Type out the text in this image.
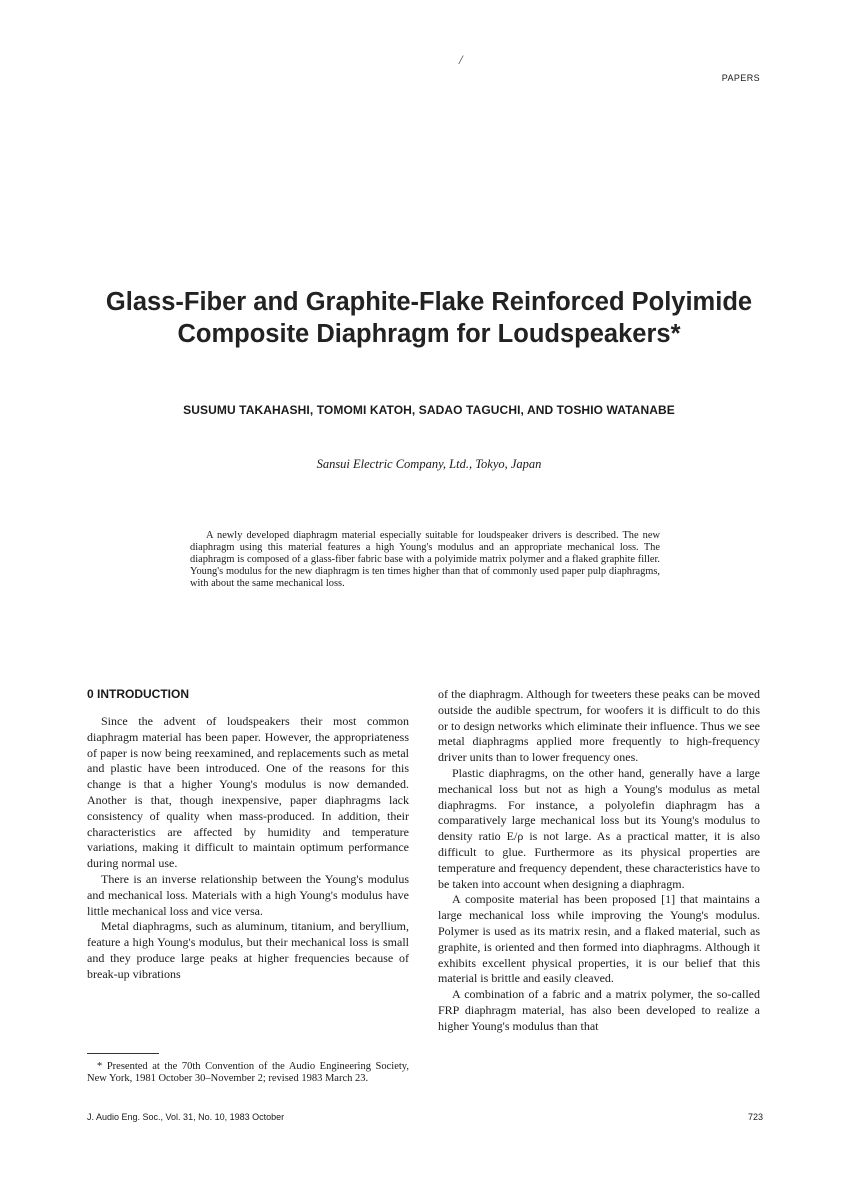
/
PAPERS
Glass-Fiber and Graphite-Flake Reinforced Polyimide
Composite Diaphragm for Loudspeakers*
SUSUMU TAKAHASHI, TOMOMI KATOH, SADAO TAGUCHI, AND TOSHIO WATANABE
Sansui Electric Company, Ltd., Tokyo, Japan
A newly developed diaphragm material especially suitable for loudspeaker drivers is described. The new diaphragm using this material features a high Young's modulus and an appropriate mechanical loss. The diaphragm is composed of a glass-fiber fabric base with a polyimide matrix polymer and a flaked graphite filler. Young's modulus for the new diaphragm is ten times higher than that of commonly used paper pulp diaphragms, with about the same mechanical loss.
0 INTRODUCTION

Since the advent of loudspeakers their most common diaphragm material has been paper. However, the appropriateness of paper is now being reexamined, and replacements such as metal and plastic have been introduced. One of the reasons for this change is that a higher Young's modulus is now demanded. Another is that, though inexpensive, paper diaphragms lack consistency of quality when mass-produced. In addition, their characteristics are affected by humidity and temperature variations, making it difficult to maintain optimum performance during normal use.

There is an inverse relationship between the Young's modulus and mechanical loss. Materials with a high Young's modulus have little mechanical loss and vice versa.

Metal diaphragms, such as aluminum, titanium, and beryllium, feature a high Young's modulus, but their mechanical loss is small and they produce large peaks at higher frequencies because of break-up vibrations

of the diaphragm. Although for tweeters these peaks can be moved outside the audible spectrum, for woofers it is difficult to do this or to design networks which eliminate their influence. Thus we see metal diaphragms applied more frequently to high-frequency driver units than to lower frequency ones.

Plastic diaphragms, on the other hand, generally have a large mechanical loss but not as high a Young's modulus as metal diaphragms. For instance, a polyolefin diaphragm has a comparatively large mechanical loss but its Young's modulus to density ratio E/ρ is not large. As a practical matter, it is also difficult to glue. Furthermore as its physical properties are temperature and frequency dependent, these characteristics have to be taken into account when designing a diaphragm.

A composite material has been proposed [1] that maintains a large mechanical loss while improving the Young's modulus. Polymer is used as its matrix resin, and a flaked material, such as graphite, is oriented and then formed into diaphragms. Although it exhibits excellent physical properties, it is our belief that this material is brittle and easily cleaved.

A combination of a fabric and a matrix polymer, the so-called FRP diaphragm material, has also been developed to realize a higher Young's modulus than that

* Presented at the 70th Convention of the Audio Engineering Society, New York, 1981 October 30–November 2; revised 1983 March 23.
J. Audio Eng. Soc., Vol. 31, No. 10, 1983 October	723
